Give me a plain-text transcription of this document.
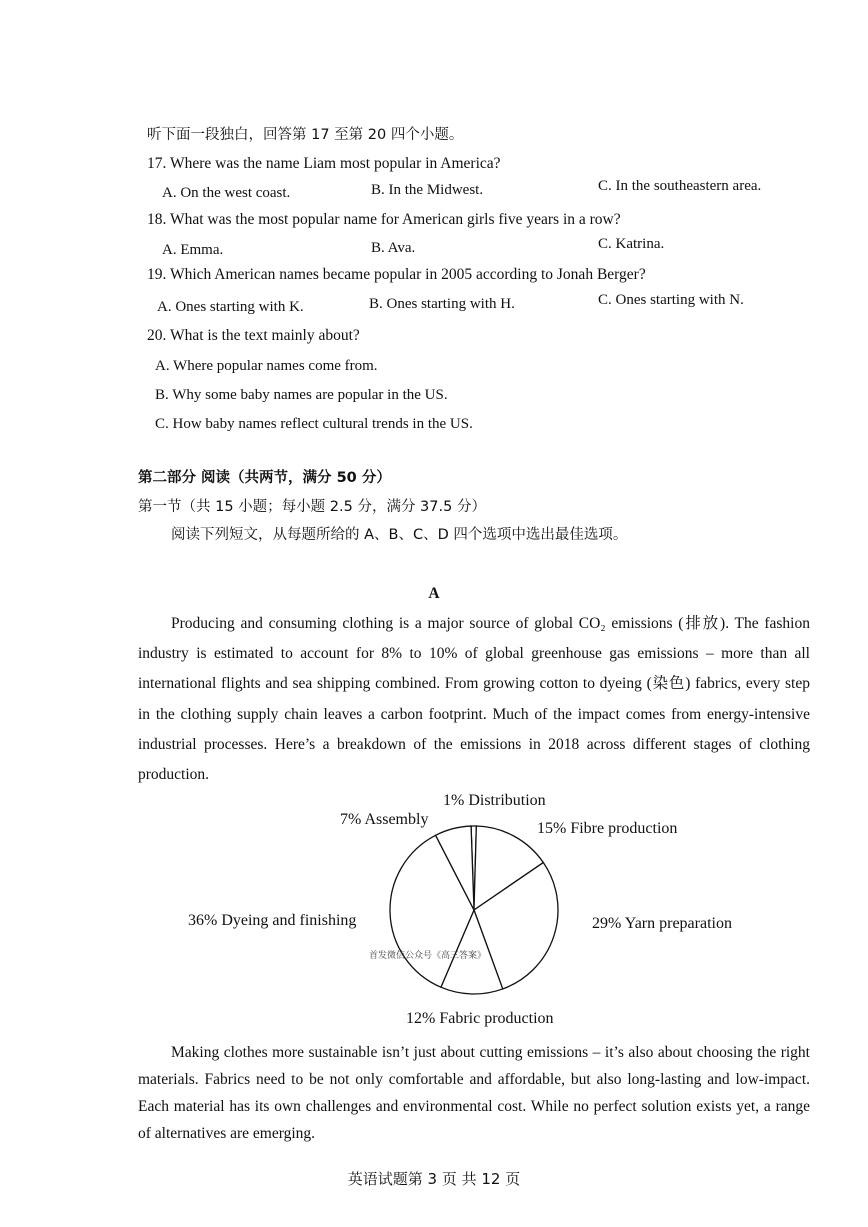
听下面一段独白，回答第 17 至第 20 四个小题。
17. Where was the name Liam most popular in America?
A. On the west coast.	B. In the Midwest.	C. In the southeastern area.
18. What was the most popular name for American girls five years in a row?
A. Emma.	B. Ava.	C. Katrina.
19. Which American names became popular in 2005 according to Jonah Berger?
A. Ones starting with K.	B. Ones starting with H.	C. Ones starting with N.
20. What is the text mainly about?
A. Where popular names come from.
B. Why some baby names are popular in the US.
C. How baby names reflect cultural trends in the US.
第二部分 阅读（共两节，满分 50 分）
第一节（共 15 小题；每小题 2.5 分，满分 37.5 分）
阅读下列短文，从每题所给的 A、B、C、D 四个选项中选出最佳选项。
A
Producing and consuming clothing is a major source of global CO₂ emissions (排放). The fashion industry is estimated to account for 8% to 10% of global greenhouse gas emissions – more than all international flights and sea shipping combined. From growing cotton to dyeing (染色) fabrics, every step in the clothing supply chain leaves a carbon footprint. Much of the impact comes from energy-intensive industrial processes. Here’s a breakdown of the emissions in 2018 across different stages of clothing production.
1% Distribution
15% Fibre production
29% Yarn preparation
12% Fabric production
36% Dyeing and finishing
7% Assembly
首发微信公众号《高三答案》
Making clothes more sustainable isn’t just about cutting emissions – it’s also about choosing the right materials. Fabrics need to be not only comfortable and affordable, but also long-lasting and low-impact. Each material has its own challenges and environmental cost. While no perfect solution exists yet, a range of alternatives are emerging.
英语试题第 3 页 共 12 页
